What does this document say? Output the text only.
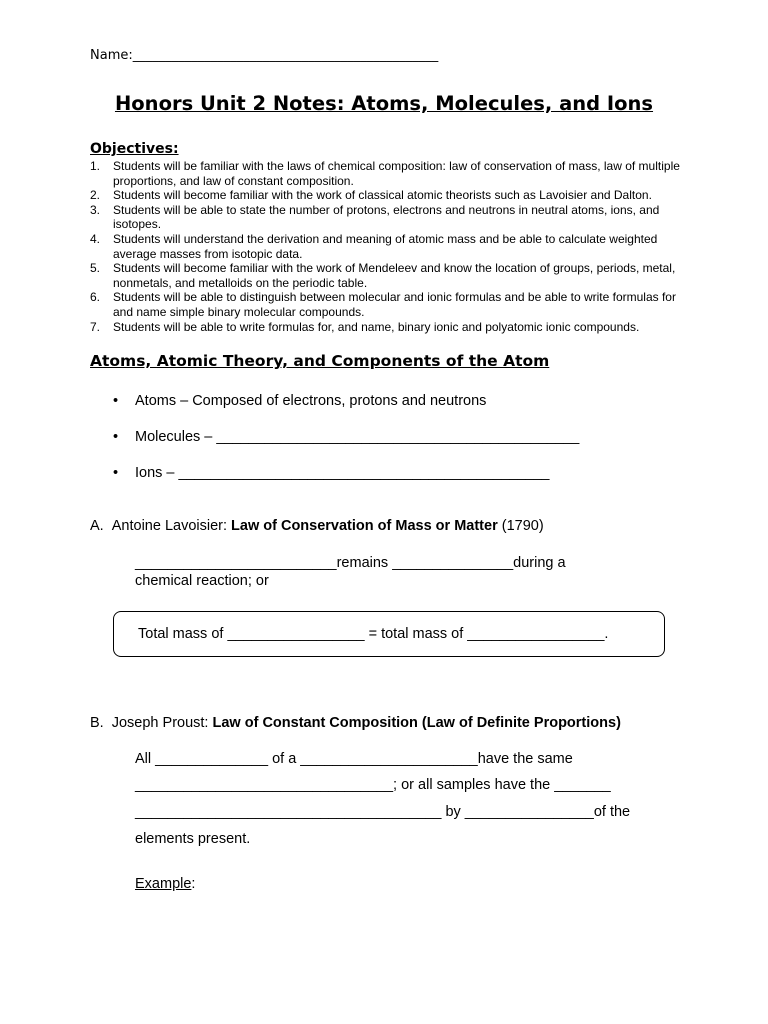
Name:_______________________________________________
Honors Unit 2 Notes: Atoms, Molecules, and Ions
Objectives:
1. Students will be familiar with the laws of chemical composition: law of conservation of mass, law of multiple proportions, and law of constant composition.
2. Students will become familiar with the work of classical atomic theorists such as Lavoisier and Dalton.
3. Students will be able to state the number of protons, electrons and neutrons in neutral atoms, ions, and isotopes.
4. Students will understand the derivation and meaning of atomic mass and be able to calculate weighted average masses from isotopic data.
5. Students will become familiar with the work of Mendeleev and know the location of groups, periods, metal, nonmetals, and metalloids on the periodic table.
6. Students will be able to distinguish between molecular and ionic formulas and be able to write formulas for and name simple binary molecular compounds.
7. Students will be able to write formulas for, and name, binary ionic and polyatomic ionic compounds.
Atoms, Atomic Theory, and Components of the Atom
• Atoms – Composed of electrons, protons and neutrons
• Molecules – _____________________________________________
• Ions – ______________________________________________
A. Antoine Lavoisier: Law of Conservation of Mass or Matter (1790)
_________________________remains _______________during a
chemical reaction; or
Total mass of _________________ = total mass of _________________.
B. Joseph Proust: Law of Constant Composition (Law of Definite Proportions)
All ______________ of a ______________________have the same
________________________________; or all samples have the _______
______________________________________ by ________________of the
elements present.
Example:
